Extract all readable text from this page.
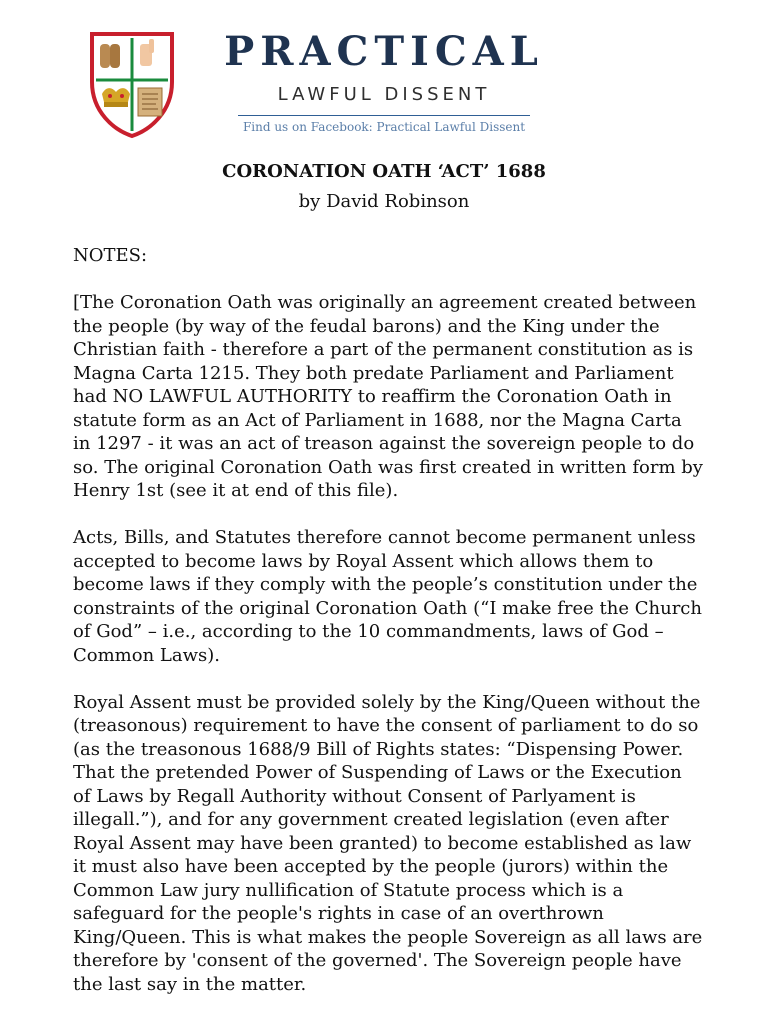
PRACTICAL
LAWFUL DISSENT
Find us on Facebook: Practical Lawful Dissent

CORONATION OATH ‘ACT’ 1688

by David Robinson

NOTES:

[The Coronation Oath was originally an agreement created between the people (by way of the feudal barons) and the King under the Christian faith - therefore a part of the permanent constitution as is Magna Carta 1215. They both predate Parliament and Parliament had NO LAWFUL AUTHORITY to reaffirm the Coronation Oath in statute form as an Act of Parliament in 1688, nor the Magna Carta in 1297 - it was an act of treason against the sovereign people to do so. The original Coronation Oath was first created in written form by Henry 1st (see it at end of this file).

Acts, Bills, and Statutes therefore cannot become permanent unless accepted to become laws by Royal Assent which allows them to become laws if they comply with the people’s constitution under the constraints of the original Coronation Oath (“I make free the Church of God” – i.e., according to the 10 commandments, laws of God – Common Laws).

Royal Assent must be provided solely by the King/Queen without the (treasonous) requirement to have the consent of parliament to do so (as the treasonous 1688/9 Bill of Rights states: “Dispensing Power. That the pretended Power of Suspending of Laws or the Execution of Laws by Regall Authority without Consent of Parlyament is illegall.”), and for any government created legislation (even after Royal Assent may have been granted) to become established as law it must also have been accepted by the people (jurors) within the Common Law jury nullification of Statute process which is a safeguard for the people's rights in case of an overthrown King/Queen. This is what makes the people Sovereign as all laws are therefore by 'consent of the governed'. The Sovereign people have the last say in the matter.
